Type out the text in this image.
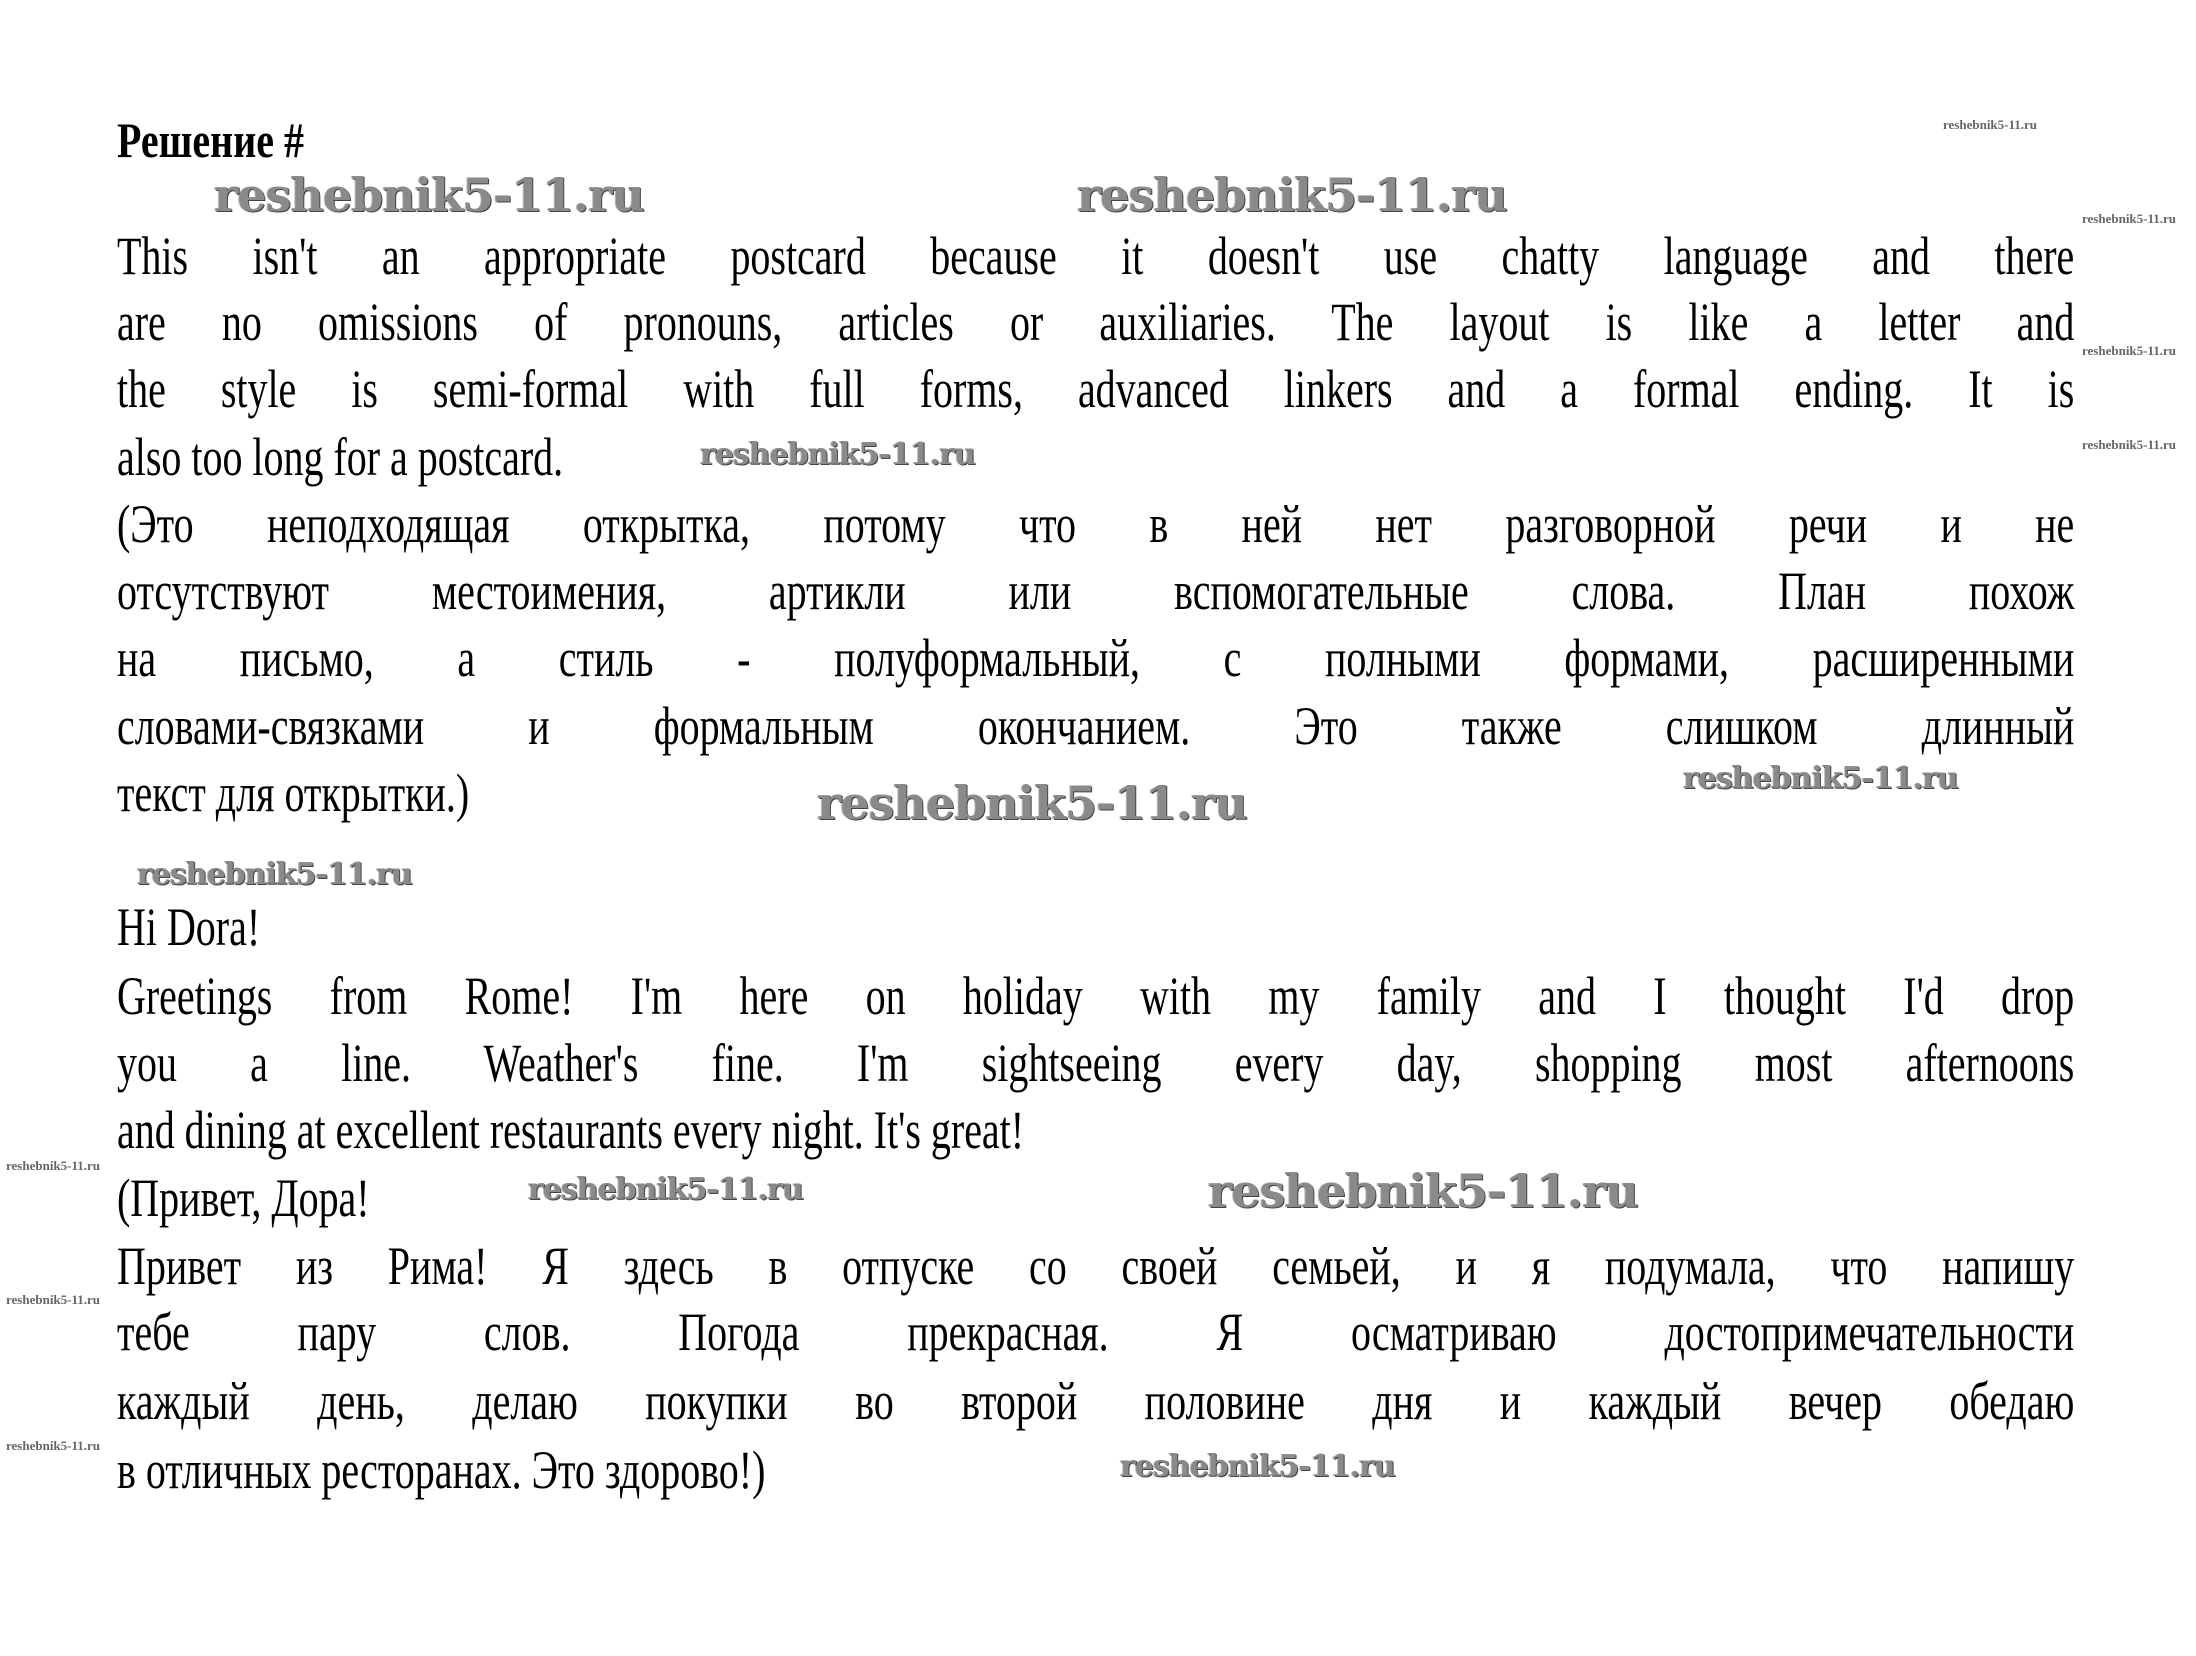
Решение #
This isn't an appropriate postcard because it doesn't use chatty language and there
are no omissions of pronouns, articles or auxiliaries. The layout is like a letter and
the style is semi-formal with full forms, advanced linkers and a formal ending. It is
also too long for a postcard.
(Это неподходящая открытка, потому что в ней нет разговорной речи и не
отсутствуют местоимения, артикли или вспомогательные слова. План похож
на письмо, а стиль - полуформальный, с полными формами, расширенными
словами-связками и формальным окончанием. Это также слишком длинный
текст для открытки.)
Hi Dora!
Greetings from Rome! I'm here on holiday with my family and I thought I'd drop
you a line. Weather's fine. I'm sightseeing every day, shopping most afternoons
and dining at excellent restaurants every night. It's great!
(Привет, Дора!
Привет из Рима! Я здесь в отпуске со своей семьей, и я подумала, что напишу
тебе пару слов. Погода прекрасная. Я осматриваю достопримечательности
каждый день, делаю покупки во второй половине дня и каждый вечер обедаю
в отличных ресторанах. Это здорово!)
reshebnik5-11.ru
reshebnik5-11.ru	reshebnik5-11.ru	reshebnik5-11.ru
reshebnik5-11.ru
reshebnik5-11.ru
reshebnik5-11.ru
reshebnik5-11.ru
reshebnik5-11.ru
reshebnik5-11.ru
reshebnik5-11.ru
reshebnik5-11.ru	reshebnik5-11.ru
reshebnik5-11.ru
reshebnik5-11.ru
reshebnik5-11.ru
